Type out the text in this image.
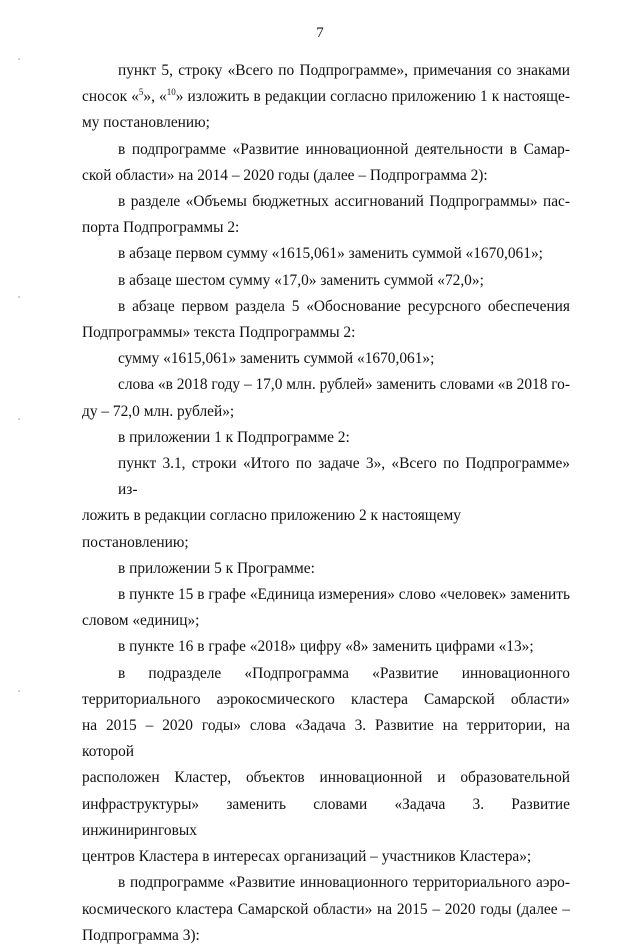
7
пункт 5, строку «Всего по Подпрограмме», примечания со знаками
сносок «$^5$», «$^{10}$» изложить в редакции согласно приложению 1 к настояще-
му постановлению;
в подпрограмме «Развитие инновационной деятельности в Самар-
ской области» на 2014 – 2020 годы (далее – Подпрограмма 2):
в разделе «Объемы бюджетных ассигнований Подпрограммы» пас-
порта Подпрограммы 2:
в абзаце первом сумму «1615,061» заменить суммой «1670,061»;
в абзаце шестом сумму «17,0» заменить суммой «72,0»;
в абзаце первом раздела 5 «Обоснование ресурсного обеспечения
Подпрограммы» текста Подпрограммы 2:
сумму «1615,061» заменить суммой «1670,061»;
слова «в 2018 году – 17,0 млн. рублей» заменить словами «в 2018 го-
ду – 72,0 млн. рублей»;
в приложении 1 к Подпрограмме 2:
пункт 3.1, строки «Итого по задаче 3», «Всего по Подпрограмме» из-
ложить в редакции согласно приложению 2 к настоящему постановлению;
в приложении 5 к Программе:
в пункте 15 в графе «Единица измерения» слово «человек» заменить
словом «единиц»;
в пункте 16 в графе «2018» цифру «8» заменить цифрами «13»;
в подразделе «Подпрограмма «Развитие инновационного
территориального аэрокосмического кластера Самарской области»
на 2015 – 2020 годы» слова «Задача 3. Развитие на территории, на которой
расположен Кластер, объектов инновационной и образовательной
инфраструктуры» заменить словами «Задача 3. Развитие инжиниринговых
центров Кластера в интересах организаций – участников Кластера»;
в подпрограмме «Развитие инновационного территориального аэро-
космического кластера Самарской области» на 2015 – 2020 годы (далее –
Подпрограмма 3):
